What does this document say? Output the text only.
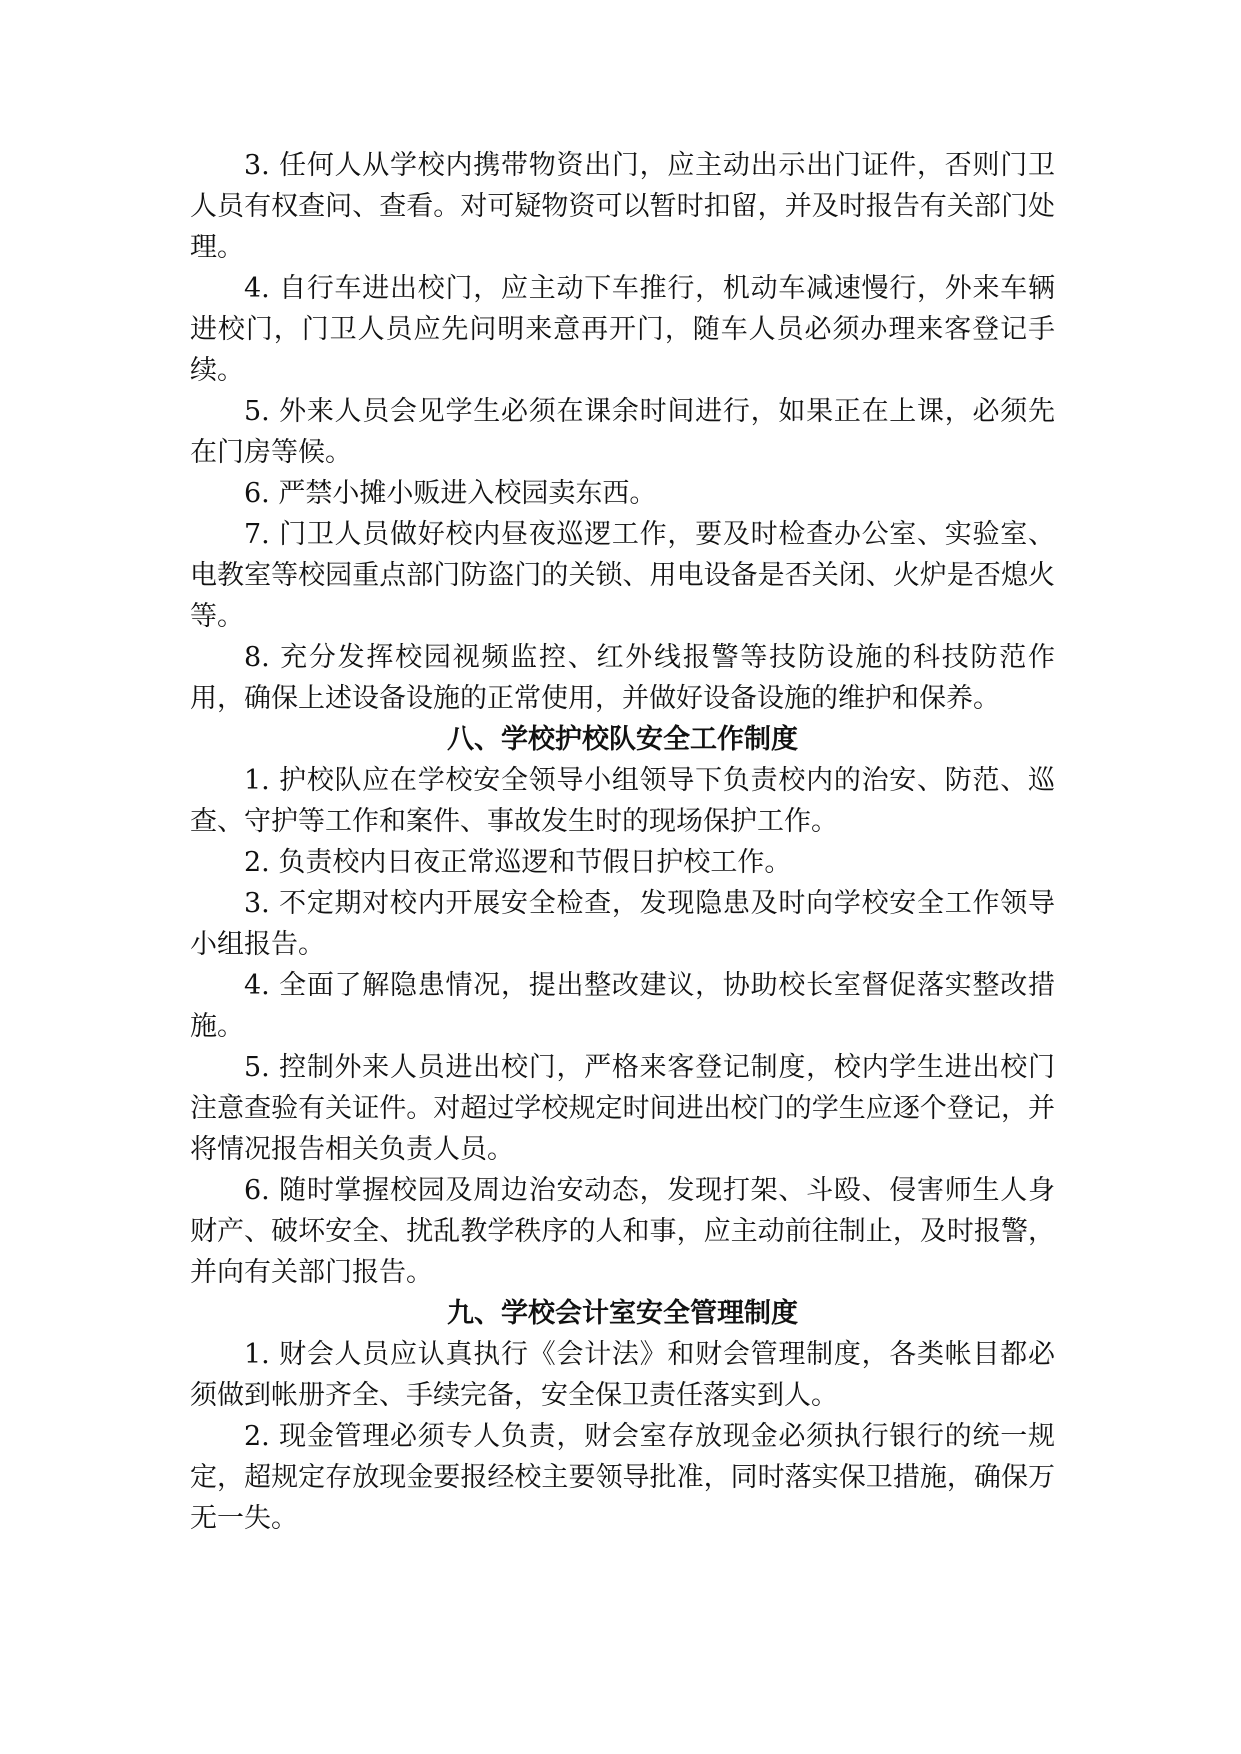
3. 任何人从学校内携带物资出门，应主动出示出门证件，否则门卫人员有权查问、查看。对可疑物资可以暂时扣留，并及时报告有关部门处理。

4. 自行车进出校门，应主动下车推行，机动车减速慢行，外来车辆进校门，门卫人员应先问明来意再开门，随车人员必须办理来客登记手续。

5. 外来人员会见学生必须在课余时间进行，如果正在上课，必须先在门房等候。

6. 严禁小摊小贩进入校园卖东西。

7. 门卫人员做好校内昼夜巡逻工作，要及时检查办公室、实验室、电教室等校园重点部门防盗门的关锁、用电设备是否关闭、火炉是否熄火等。

8. 充分发挥校园视频监控、红外线报警等技防设施的科技防范作用，确保上述设备设施的正常使用，并做好设备设施的维护和保养。

八、学校护校队安全工作制度

1. 护校队应在学校安全领导小组领导下负责校内的治安、防范、巡查、守护等工作和案件、事故发生时的现场保护工作。

2. 负责校内日夜正常巡逻和节假日护校工作。

3. 不定期对校内开展安全检查，发现隐患及时向学校安全工作领导小组报告。

4. 全面了解隐患情况，提出整改建议，协助校长室督促落实整改措施。

5. 控制外来人员进出校门，严格来客登记制度，校内学生进出校门注意查验有关证件。对超过学校规定时间进出校门的学生应逐个登记，并将情况报告相关负责人员。

6. 随时掌握校园及周边治安动态，发现打架、斗殴、侵害师生人身财产、破坏安全、扰乱教学秩序的人和事，应主动前往制止，及时报警，并向有关部门报告。

九、学校会计室安全管理制度

1. 财会人员应认真执行《会计法》和财会管理制度，各类帐目都必须做到帐册齐全、手续完备，安全保卫责任落实到人。

2. 现金管理必须专人负责，财会室存放现金必须执行银行的统一规定，超规定存放现金要报经校主要领导批准，同时落实保卫措施，确保万无一失。
